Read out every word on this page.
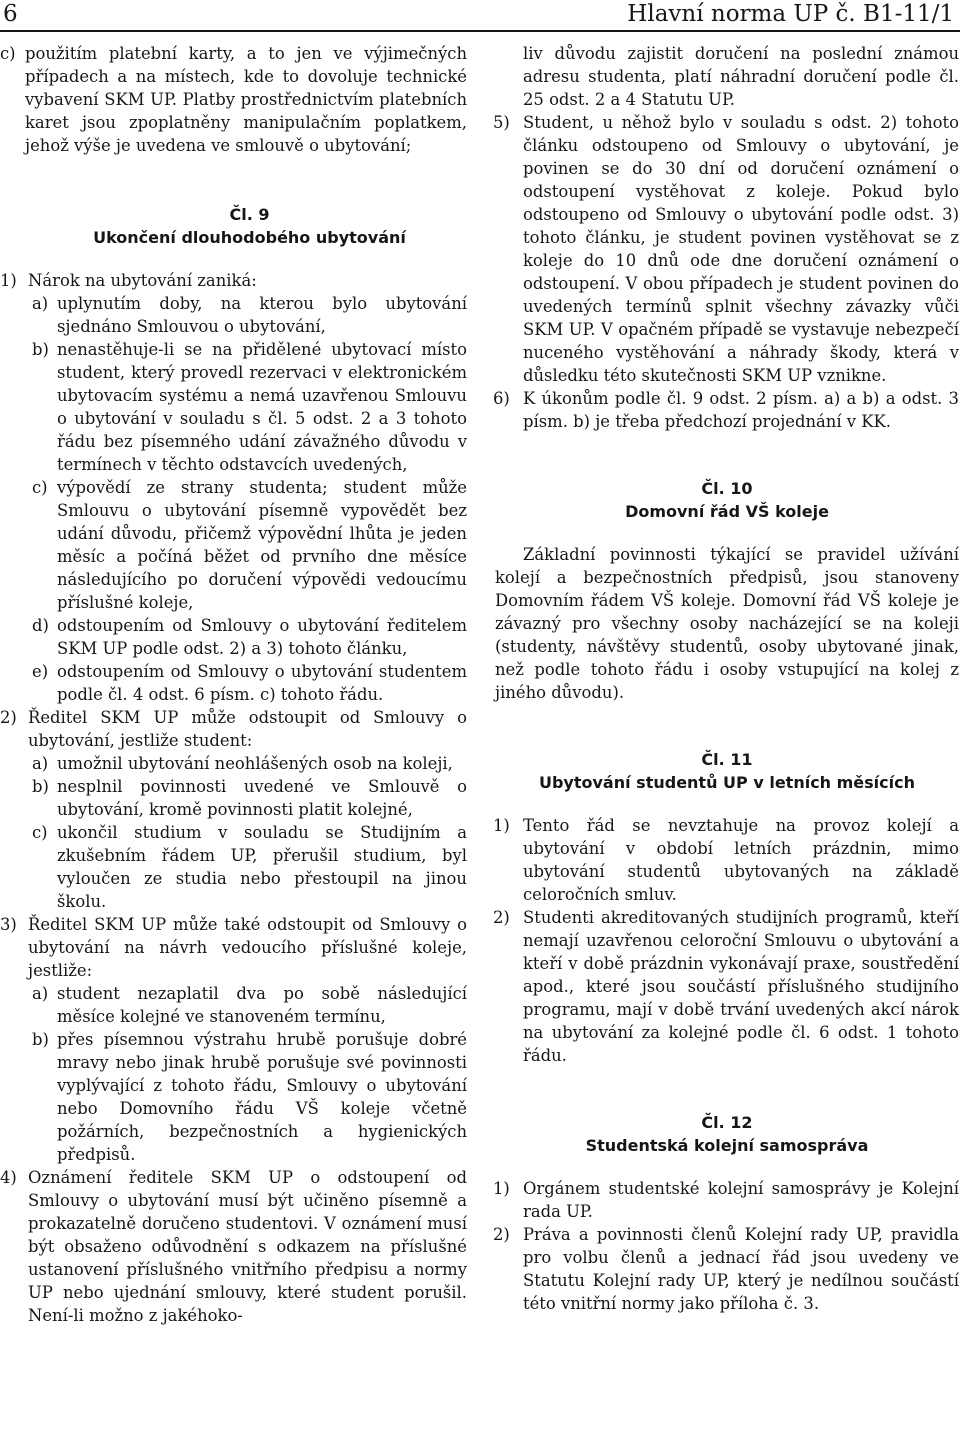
6	Hlavní norma UP č. B1-11/1
c) použitím platební karty, a to jen ve výjimečných případech a na místech, kde to dovoluje technické vybavení SKM UP. Platby prostřednictvím platebních karet jsou zpoplatněny manipulačním poplatkem, jehož výše je uvedena ve smlouvě o ubytování;

Čl. 9

Ukončení dlouhodobého ubytování

1) Nárok na ubytování zaniká:
a) uplynutím doby, na kterou bylo ubytování sjednáno Smlouvou o ubytování,
b) nenastěhuje-li se na přidělené ubytovací místo student, který provedl rezervaci v elektronickém ubytovacím systému a nemá uzavřenou Smlouvu o ubytování v souladu s čl. 5 odst. 2 a 3 tohoto řádu bez písemného udání závažného důvodu v termínech v těchto odstavcích uvedených,
c) výpovědí ze strany studenta; student může Smlouvu o ubytování písemně vypovědět bez udání důvodu, přičemž výpovědní lhůta je jeden měsíc a počíná běžet od prvního dne měsíce následujícího po doručení výpovědi vedoucímu příslušné koleje,
d) odstoupením od Smlouvy o ubytování ředitelem SKM UP podle odst. 2) a 3) tohoto článku,
e) odstoupením od Smlouvy o ubytování studentem podle čl. 4 odst. 6 písm. c) tohoto řádu.
2) Ředitel SKM UP může odstoupit od Smlouvy o ubytování, jestliže student:
a) umožnil ubytování neohlášených osob na koleji,
b) nesplnil povinnosti uvedené ve Smlouvě o ubytování, kromě povinnosti platit kolejné,
c) ukončil studium v souladu se Studijním a zkušebním řádem UP, přerušil studium, byl vyloučen ze studia nebo přestoupil na jinou školu.
3) Ředitel SKM UP může také odstoupit od Smlouvy o ubytování na návrh vedoucího příslušné koleje, jestliže:
a) student nezaplatil dva po sobě následující měsíce kolejné ve stanoveném termínu,
b) přes písemnou výstrahu hrubě porušuje dobré mravy nebo jinak hrubě porušuje své povinnosti vyplývající z tohoto řádu, Smlouvy o ubytování nebo Domovního řádu VŠ koleje včetně požárních, bezpečnostních a hygienických předpisů.
4) Oznámení ředitele SKM UP o odstoupení od Smlouvy o ubytování musí být učiněno písemně a prokazatelně doručeno studentovi. V oznámení musí být obsaženo odůvodnění s odkazem na příslušné ustanovení příslušného vnitřního předpisu a normy UP nebo ujednání smlouvy, které student porušil. Není-li možno z jakéhoko-
liv důvodu zajistit doručení na poslední známou adresu studenta, platí náhradní doručení podle čl. 25 odst. 2 a 4 Statutu UP.
5) Student, u něhož bylo v souladu s odst. 2) tohoto článku odstoupeno od Smlouvy o ubytování, je povinen se do 30 dní od doručení oznámení o odstoupení vystěhovat z koleje. Pokud bylo odstoupeno od Smlouvy o ubytování podle odst. 3) tohoto článku, je student povinen vystěhovat se z koleje do 10 dnů ode dne doručení oznámení o odstoupení. V obou případech je student povinen do uvedených termínů splnit všechny závazky vůči SKM UP. V opačném případě se vystavuje nebezpečí nuceného vystěhování a náhrady škody, která v důsledku této skutečnosti SKM UP vznikne.
6) K úkonům podle čl. 9 odst. 2 písm. a) a b) a odst. 3 písm. b) je třeba předchozí projednání v KK.

Čl. 10

Domovní řád VŠ koleje

Základní povinnosti týkající se pravidel užívání kolejí a bezpečnostních předpisů, jsou stanoveny Domovním řádem VŠ koleje. Domovní řád VŠ koleje je závazný pro všechny osoby nacházející se na koleji (studenty, návštěvy studentů, osoby ubytované jinak, než podle tohoto řádu i osoby vstupující na kolej z jiného důvodu).

Čl. 11

Ubytování studentů UP v letních měsících

1) Tento řád se nevztahuje na provoz kolejí a ubytování v období letních prázdnin, mimo ubytování studentů ubytovaných na základě celoročních smluv.
2) Studenti akreditovaných studijních programů, kteří nemají uzavřenou celoroční Smlouvu o ubytování a kteří v době prázdnin vykonávají praxe, soustředění apod., které jsou součástí příslušného studijního programu, mají v době trvání uvedených akcí nárok na ubytování za kolejné podle čl. 6 odst. 1 tohoto řádu.

Čl. 12

Studentská kolejní samospráva

1) Orgánem studentské kolejní samosprávy je Kolejní rada UP.
2) Práva a povinnosti členů Kolejní rady UP, pravidla pro volbu členů a jednací řád jsou uvedeny ve Statutu Kolejní rady UP, který je nedílnou součástí této vnitřní normy jako příloha č. 3.
